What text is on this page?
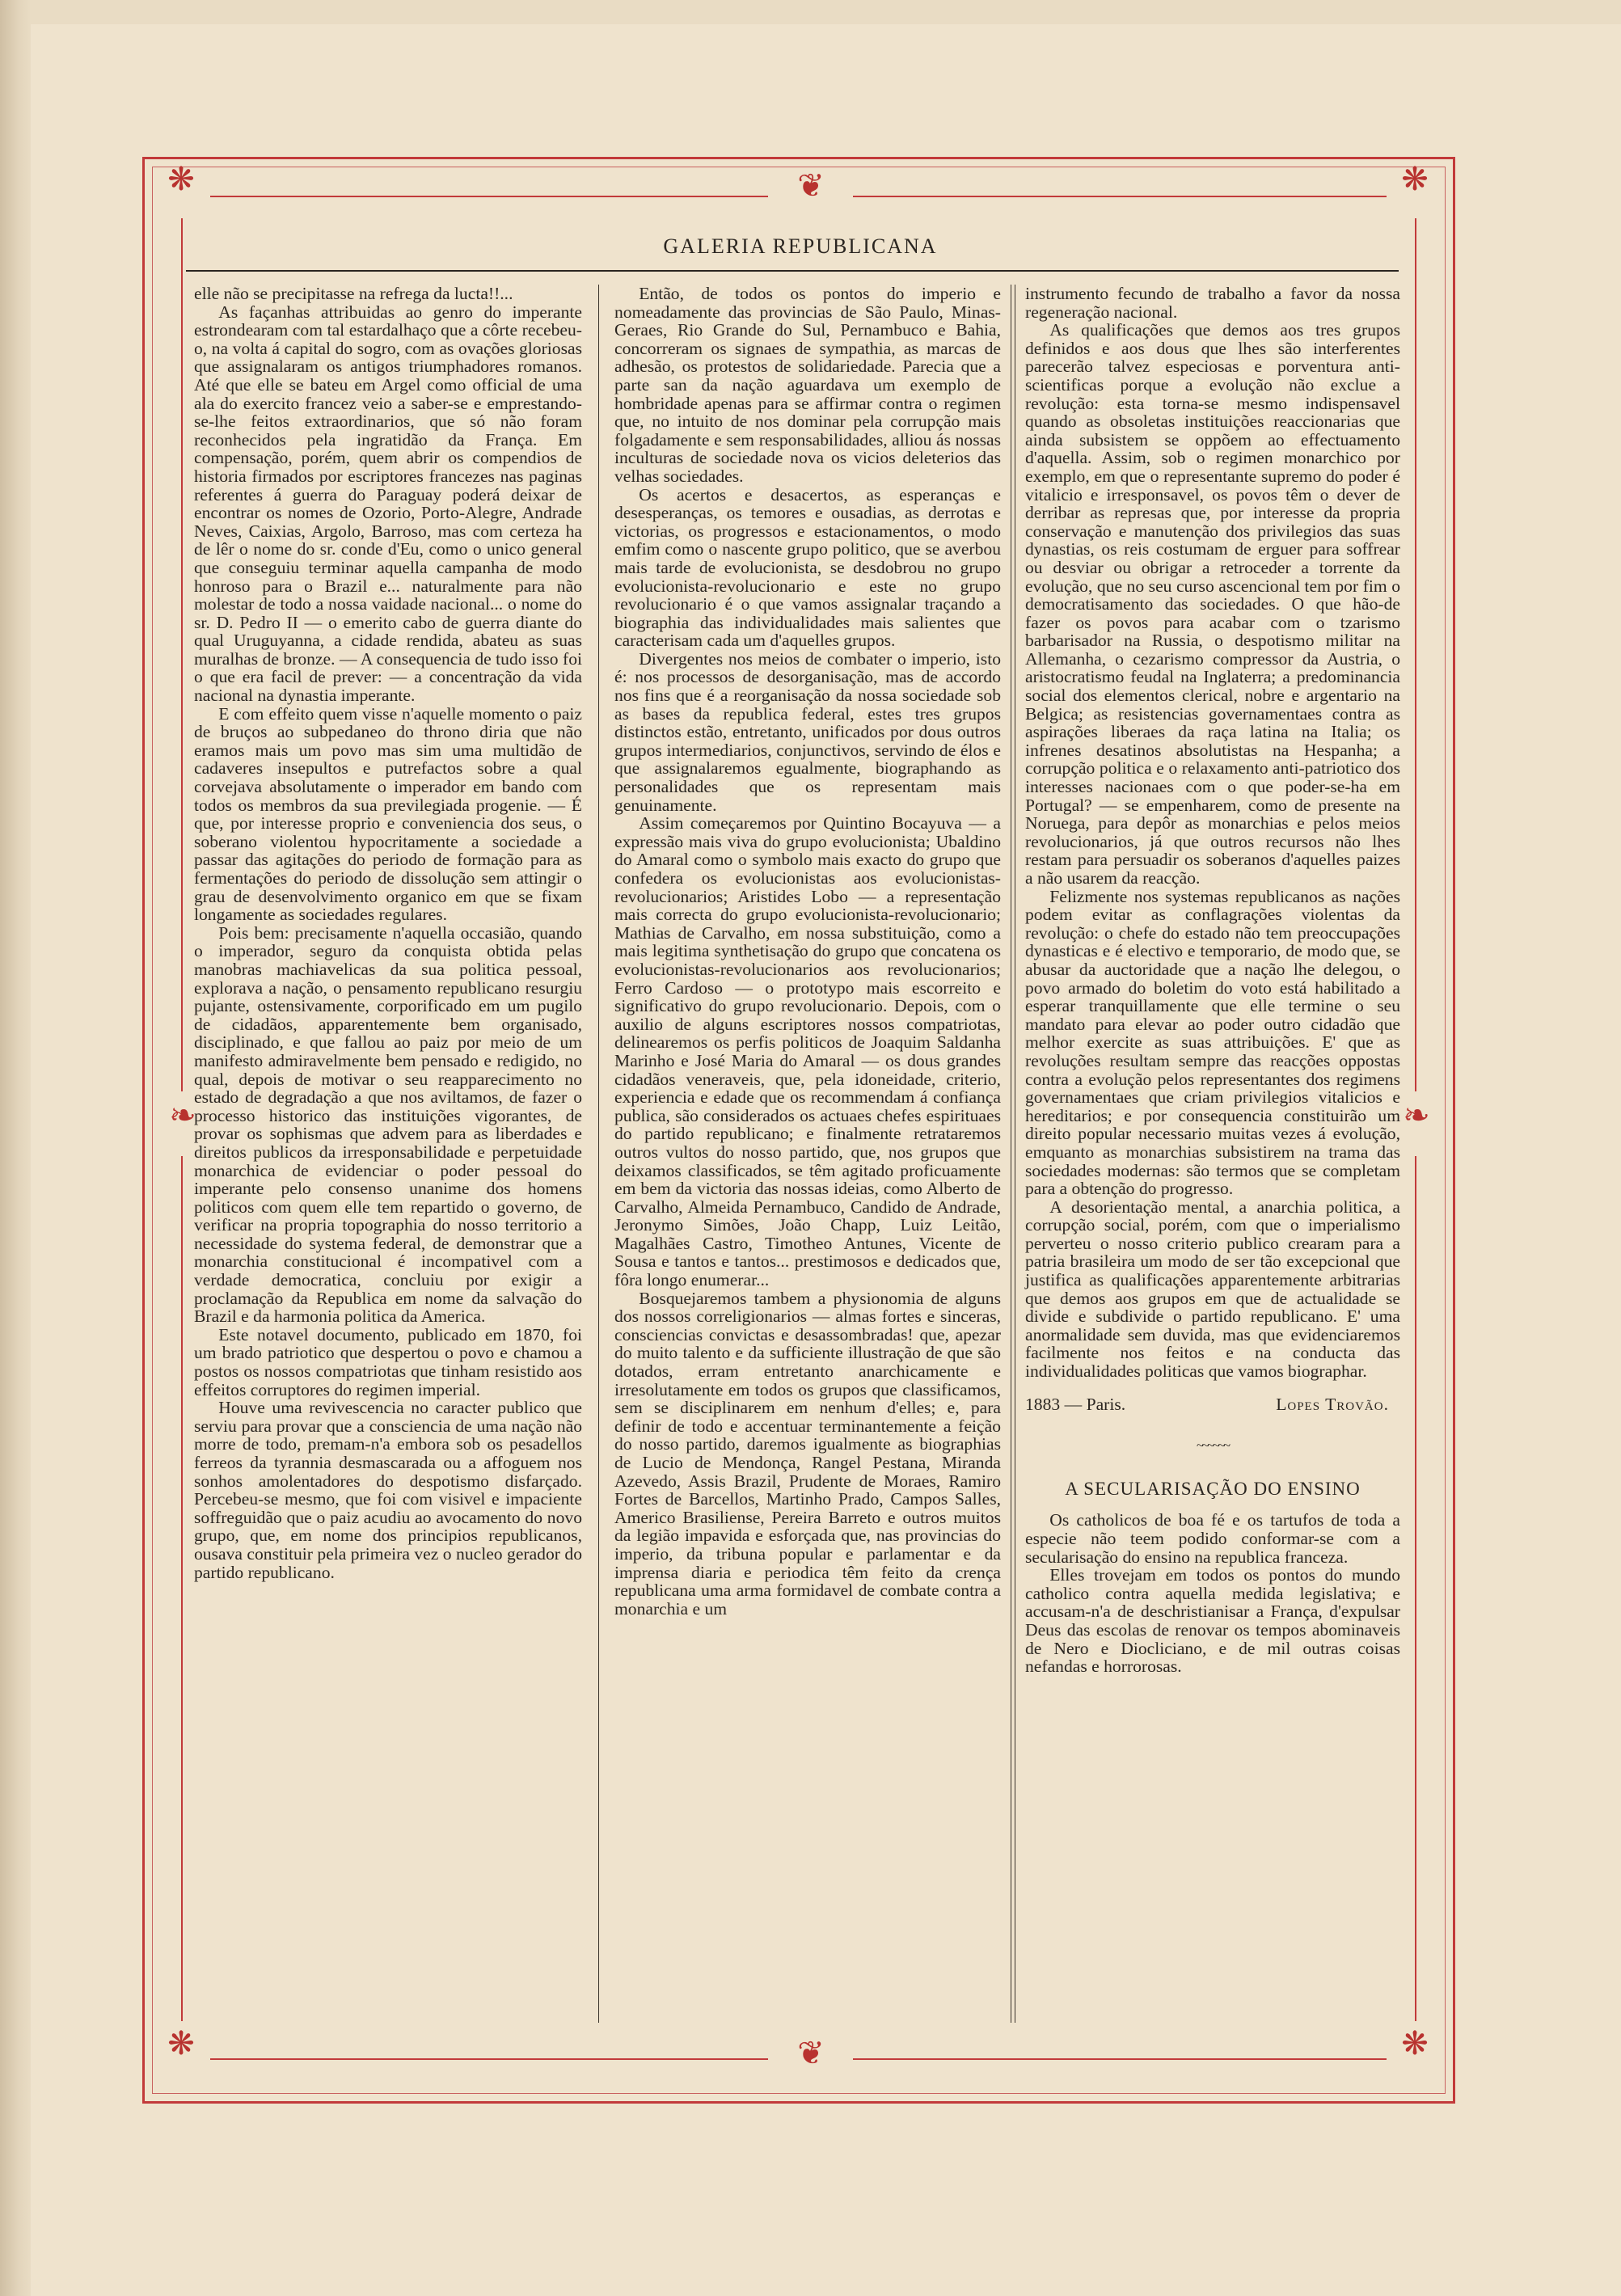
❋	❋
❋	❋
❦
❦
❧	❧
GALERIA REPUBLICANA

elle não se precipitasse na refrega da lucta!!...

As façanhas attribuidas ao genro do imperante estrondearam com tal estardalhaço que a côrte recebeu-o, na volta á capital do sogro, com as ovações gloriosas que assignalaram os antigos triumphadores romanos. Até que elle se bateu em Argel como official de uma ala do exercito francez veio a saber-se e emprestando-se-lhe feitos extraordinarios, que só não foram reconhecidos pela ingratidão da França. Em compensação, porém, quem abrir os compendios de historia firmados por escriptores francezes nas paginas referentes á guerra do Paraguay poderá deixar de encontrar os nomes de Ozorio, Porto-Alegre, Andrade Neves, Caixias, Argolo, Barroso, mas com certeza ha de lêr o nome do sr. conde d'Eu, como o unico general que conseguiu terminar aquella campanha de modo honroso para o Brazil e... naturalmente para não molestar de todo a nossa vaidade nacional... o nome do sr. D. Pedro II — o emerito cabo de guerra diante do qual Uruguyanna, a cidade rendida, abateu as suas muralhas de bronze. — A consequencia de tudo isso foi o que era facil de prever: — a concentração da vida nacional na dynastia imperante.

E com effeito quem visse n'aquelle momento o paiz de bruços ao subpedaneo do throno diria que não eramos mais um povo mas sim uma multidão de cadaveres insepultos e putrefactos sobre a qual corvejava absolutamente o imperador em bando com todos os membros da sua previlegiada progenie. — É que, por interesse proprio e conveniencia dos seus, o soberano violentou hypocritamente a sociedade a passar das agitações do periodo de formação para as fermentações do periodo de dissolução sem attingir o grau de desenvolvimento organico em que se fixam longamente as sociedades regulares.

Pois bem: precisamente n'aquella occasião, quando o imperador, seguro da conquista obtida pelas manobras machiavelicas da sua politica pessoal, explorava a nação, o pensamento republicano resurgiu pujante, ostensivamente, corporificado em um pugilo de cidadãos, apparentemente bem organisado, disciplinado, e que fallou ao paiz por meio de um manifesto admiravelmente bem pensado e redigido, no qual, depois de motivar o seu reapparecimento no estado de degradação a que nos aviltamos, de fazer o processo historico das instituições vigorantes, de provar os sophismas que advem para as liberdades e direitos publicos da irresponsabilidade e perpetuidade monarchica de evidenciar o poder pessoal do imperante pelo consenso unanime dos homens politicos com quem elle tem repartido o governo, de verificar na propria topographia do nosso territorio a necessidade do systema federal, de demonstrar que a monarchia constitucional é incompativel com a verdade democratica, concluiu por exigir a proclamação da Republica em nome da salvação do Brazil e da harmonia politica da America.

Este notavel documento, publicado em 1870, foi um brado patriotico que despertou o povo e chamou a postos os nossos compatriotas que tinham resistido aos effeitos corruptores do regimen imperial.

Houve uma revivescencia no caracter publico que serviu para provar que a consciencia de uma nação não morre de todo, premam-n'a embora sob os pesadellos ferreos da tyrannia desmascarada ou a affoguem nos sonhos amolentadores do despotismo disfarçado. Percebeu-se mesmo, que foi com visivel e impaciente soffreguidão que o paiz acudiu ao avocamento do novo grupo, que, em nome dos principios republicanos, ousava constituir pela primeira vez o nucleo gerador do partido republicano.

Então, de todos os pontos do imperio e nomeadamente das provincias de São Paulo, Minas-Geraes, Rio Grande do Sul, Pernambuco e Bahia, concorreram os signaes de sympathia, as marcas de adhesão, os protestos de solidariedade. Parecia que a parte san da nação aguardava um exemplo de hombridade apenas para se affirmar contra o regimen que, no intuito de nos dominar pela corrupção mais folgadamente e sem responsabilidades, alliou ás nossas inculturas de sociedade nova os vicios deleterios das velhas sociedades.

Os acertos e desacertos, as esperanças e desesperanças, os temores e ousadias, as derrotas e victorias, os progressos e estacionamentos, o modo emfim como o nascente grupo politico, que se averbou mais tarde de evolucionista, se desdobrou no grupo evolucionista-revolucionario e este no grupo revolucionario é o que vamos assignalar traçando a biographia das individualidades mais salientes que caracterisam cada um d'aquelles grupos.

Divergentes nos meios de combater o imperio, isto é: nos processos de desorganisação, mas de accordo nos fins que é a reorganisação da nossa sociedade sob as bases da republica federal, estes tres grupos distinctos estão, entretanto, unificados por dous outros grupos intermediarios, conjunctivos, servindo de élos e que assignalaremos egualmente, biographando as personalidades que os representam mais genuinamente.

Assim começaremos por Quintino Bocayuva — a expressão mais viva do grupo evolucionista; Ubaldino do Amaral como o symbolo mais exacto do grupo que confedera os evolucionistas aos evolucionistas-revolucionarios; Aristides Lobo — a representação mais correcta do grupo evolucionista-revolucionario; Mathias de Carvalho, em nossa substituição, como a mais legitima synthetisação do grupo que concatena os evolucionistas-revolucionarios aos revolucionarios; Ferro Cardoso — o prototypo mais escorreito e significativo do grupo revolucionario. Depois, com o auxilio de alguns escriptores nossos compatriotas, delinearemos os perfis politicos de Joaquim Saldanha Marinho e José Maria do Amaral — os dous grandes cidadãos veneraveis, que, pela idoneidade, criterio, experiencia e edade que os recommendam á confiança publica, são considerados os actuaes chefes espirituaes do partido republicano; e finalmente retrataremos outros vultos do nosso partido, que, nos grupos que deixamos classificados, se têm agitado proficuamente em bem da victoria das nossas ideias, como Alberto de Carvalho, Almeida Pernambuco, Candido de Andrade, Jeronymo Simões, João Chapp, Luiz Leitão, Magalhães Castro, Timotheo Antunes, Vicente de Sousa e tantos e tantos... prestimosos e dedicados que, fôra longo enumerar...

Bosquejaremos tambem a physionomia de alguns dos nossos correligionarios — almas fortes e sinceras, consciencias convictas e desassombradas! que, apezar do muito talento e da sufficiente illustração de que são dotados, erram entretanto anarchicamente e irresolutamente em todos os grupos que classificamos, sem se disciplinarem em nenhum d'elles; e, para definir de todo e accentuar terminantemente a feição do nosso partido, daremos igualmente as biographias de Lucio de Mendonça, Rangel Pestana, Miranda Azevedo, Assis Brazil, Prudente de Moraes, Ramiro Fortes de Barcellos, Martinho Prado, Campos Salles, Americo Brasiliense, Pereira Barreto e outros muitos da legião impavida e esforçada que, nas provincias do imperio, da tribuna popular e parlamentar e da imprensa diaria e periodica têm feito da crença republicana uma arma formidavel de combate contra a monarchia e um

instrumento fecundo de trabalho a favor da nossa regeneração nacional.

As qualificações que demos aos tres grupos definidos e aos dous que lhes são interferentes parecerão talvez especiosas e porventura anti-scientificas porque a evolução não exclue a revolução: esta torna-se mesmo indispensavel quando as obsoletas instituições reaccionarias que ainda subsistem se oppõem ao effectuamento d'aquella. Assim, sob o regimen monarchico por exemplo, em que o representante supremo do poder é vitalicio e irresponsavel, os povos têm o dever de derribar as represas que, por interesse da propria conservação e manutenção dos privilegios das suas dynastias, os reis costumam de erguer para soffrear ou desviar ou obrigar a retroceder a torrente da evolução, que no seu curso ascencional tem por fim o democratisamento das sociedades. O que hão-de fazer os povos para acabar com o tzarismo barbarisador na Russia, o despotismo militar na Allemanha, o cezarismo compressor da Austria, o aristocratismo feudal na Inglaterra; a predominancia social dos elementos clerical, nobre e argentario na Belgica; as resistencias governamentaes contra as aspirações liberaes da raça latina na Italia; os infrenes desatinos absolutistas na Hespanha; a corrupção politica e o relaxamento anti-patriotico dos interesses nacionaes com o que poder-se-ha em Portugal? — se empenharem, como de presente na Noruega, para depôr as monarchias e pelos meios revolucionarios, já que outros recursos não lhes restam para persuadir os soberanos d'aquelles paizes a não usarem da reacção.

Felizmente nos systemas republicanos as nações podem evitar as conflagrações violentas da revolução: o chefe do estado não tem preoccupações dynasticas e é electivo e temporario, de modo que, se abusar da auctoridade que a nação lhe delegou, o povo armado do boletim do voto está habilitado a esperar tranquillamente que elle termine o seu mandato para elevar ao poder outro cidadão que melhor exercite as suas attribuições. E' que as revoluções resultam sempre das reacções oppostas contra a evolução pelos representantes dos regimens governamentaes que criam privilegios vitalicios e hereditarios; e por consequencia constituirão um direito popular necessario muitas vezes á evolução, emquanto as monarchias subsistirem na trama das sociedades modernas: são termos que se completam para a obtenção do progresso.

A desorientação mental, a anarchia politica, a corrupção social, porém, com que o imperialismo perverteu o nosso criterio publico crearam para a patria brasileira um modo de ser tão excepcional que justifica as qualificações apparentemente arbitrarias que demos aos grupos em que de actualidade se divide e subdivide o partido republicano. E' uma anormalidade sem duvida, mas que evidenciaremos facilmente nos feitos e na conducta das individualidades politicas que vamos biographar.

1883 — Paris.	Lopes Trovão.
~~~~~~
A SECULARISAÇÃO DO ENSINO

Os catholicos de boa fé e os tartufos de toda a especie não teem podido conformar-se com a secularisação do ensino na republica franceza.

Elles trovejam em todos os pontos do mundo catholico contra aquella medida legislativa; e accusam-n'a de deschristianisar a França, d'expulsar Deus das escolas de renovar os tempos abominaveis de Nero e Diocliciano, e de mil outras coisas nefandas e horrorosas.
